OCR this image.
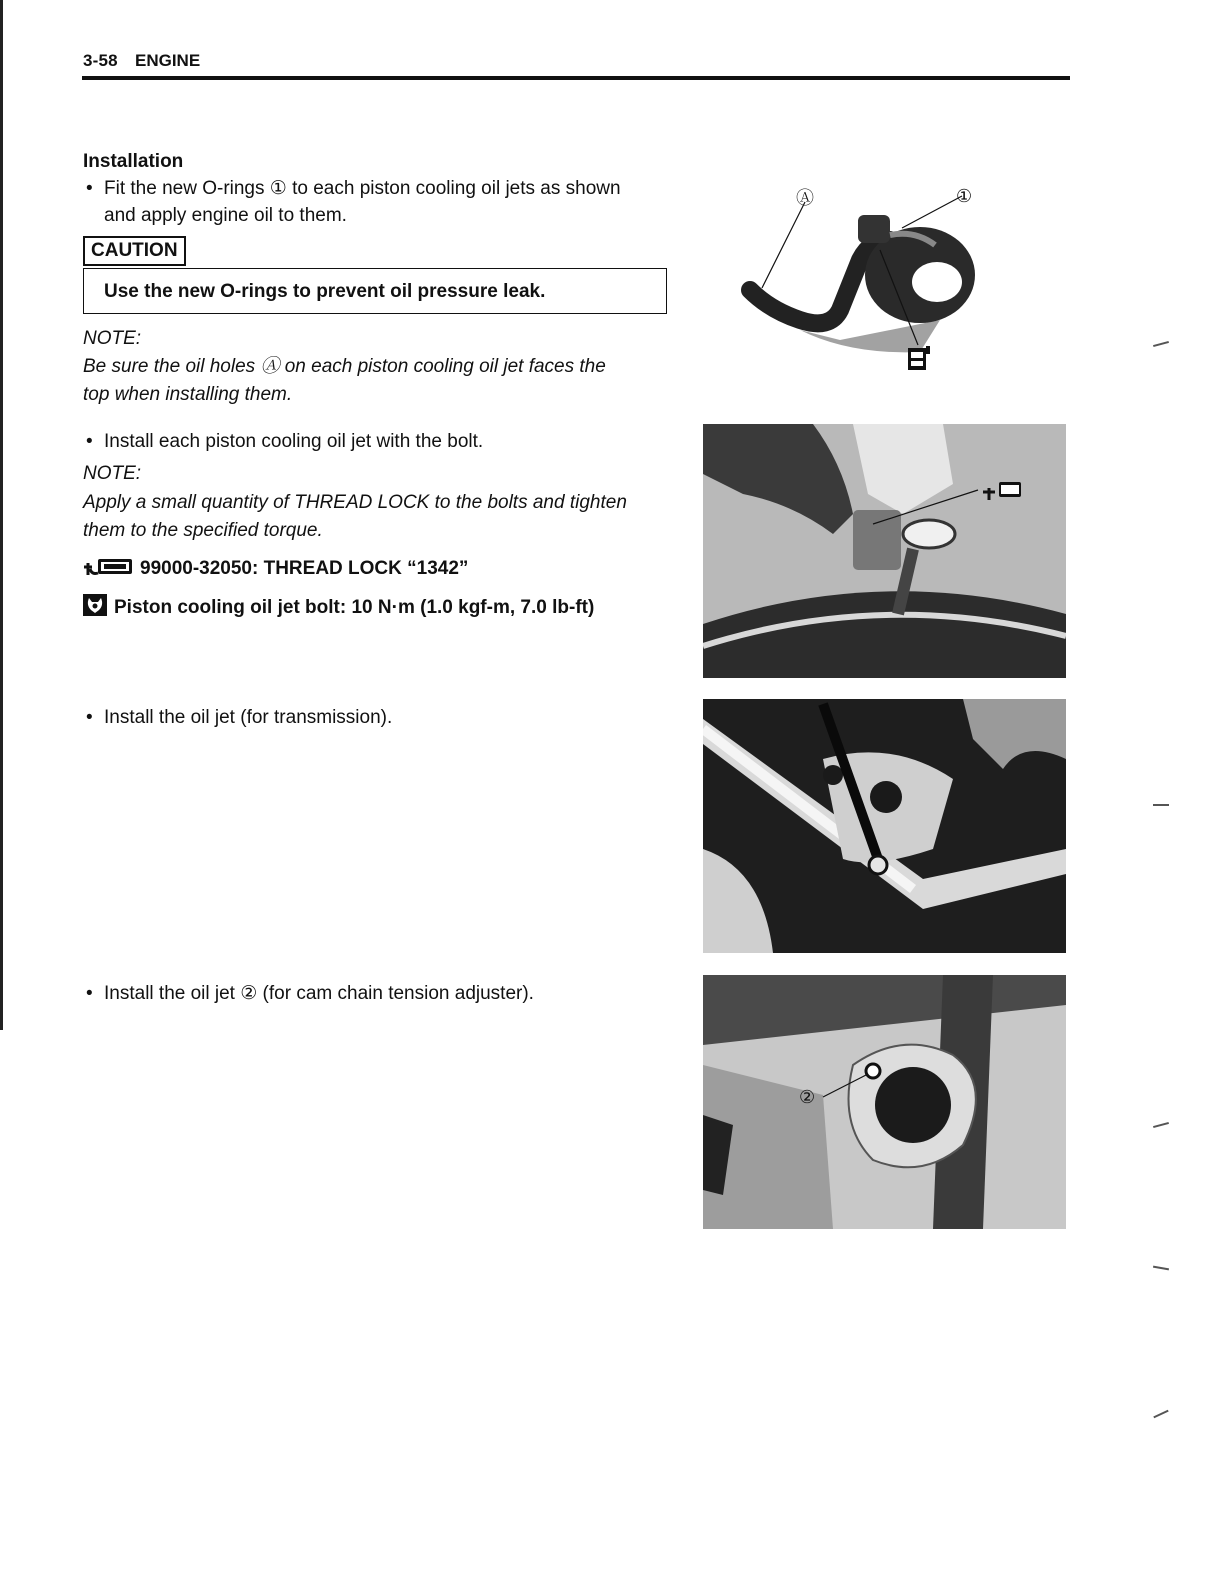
3-58 ENGINE
Installation
• Fit the new O-rings ① to each piston cooling oil jets as shown
and apply engine oil to them.
CAUTION
Use the new O-rings to prevent oil pressure leak.
NOTE:
Be sure the oil holes Ⓐ on each piston cooling oil jet faces the
top when installing them.
• Install each piston cooling oil jet with the bolt.
NOTE:
Apply a small quantity of THREAD LOCK to the bolts and tighten
them to the specified torque.
99000-32050: THREAD LOCK “1342”
Piston cooling oil jet bolt: 10 N·m (1.0 kgf-m, 7.0 lb-ft)
• Install the oil jet (for transmission).
• Install the oil jet ② (for cam chain tension adjuster).
Ⓐ	①
②
